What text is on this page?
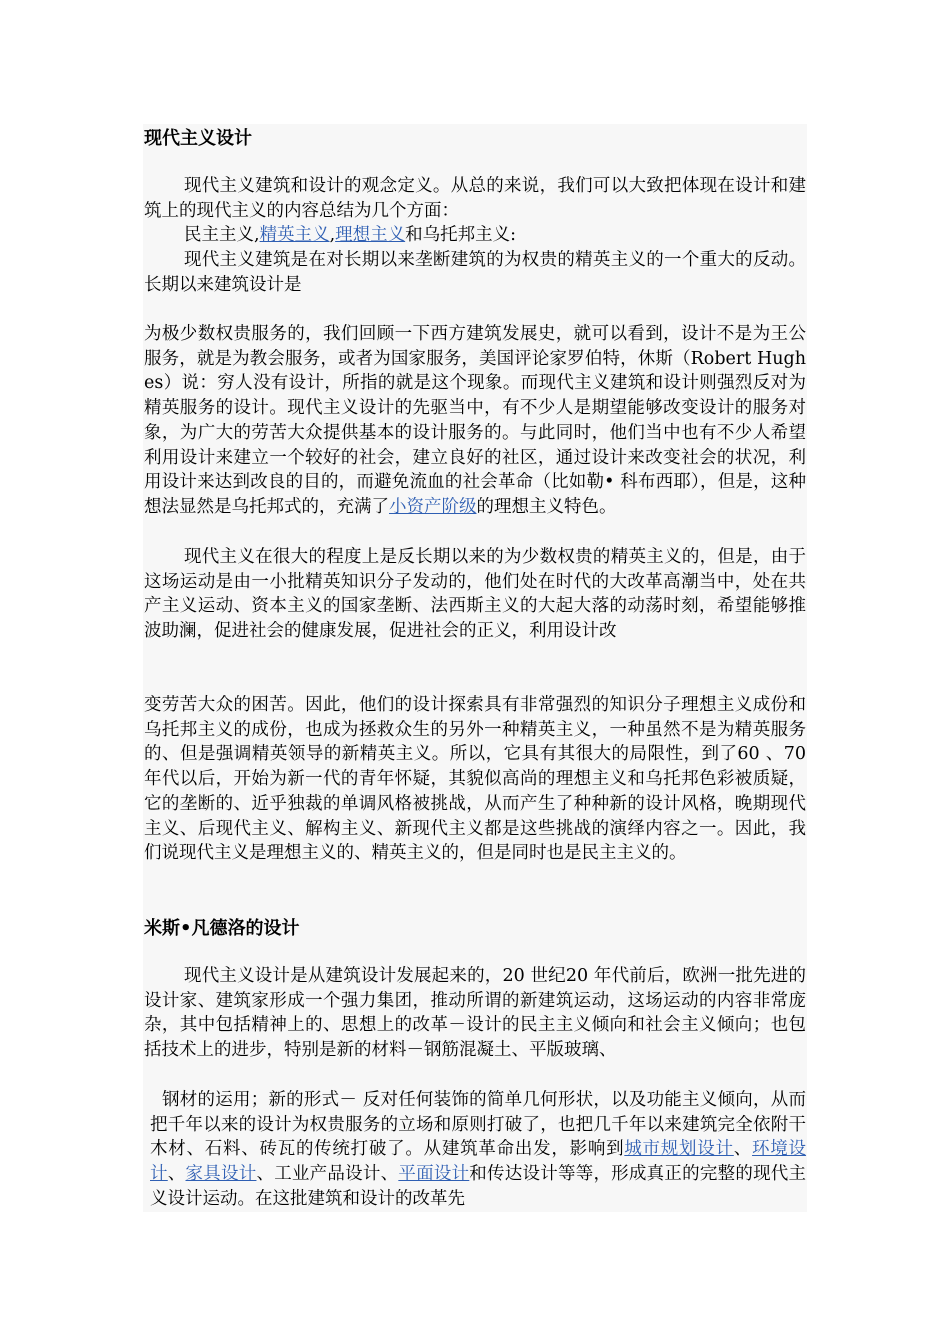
现代主义设计

现代主义建筑和设计的观念定义。从总的来说，我们可以大致把体现在设计和建筑上的现代主义的内容总结为几个方面：

民主主义,精英主义,理想主义和乌托邦主义:

现代主义建筑是在对长期以来垄断建筑的为权贵的精英主义的一个重大的反动。长期以来建筑设计是

为极少数权贵服务的，我们回顾一下西方建筑发展史，就可以看到，设计不是为王公服务，就是为教会服务，或者为国家服务，美国评论家罗伯特，休斯（Robert Hughes）说：穷人没有设计，所指的就是这个现象。而现代主义建筑和设计则强烈反对为精英服务的设计。现代主义设计的先驱当中，有不少人是期望能够改变设计的服务对象，为广大的劳苦大众提供基本的设计服务的。与此同时，他们当中也有不少人希望利用设计来建立一个较好的社会，建立良好的社区，通过设计来改变社会的状况，利用设计来达到改良的目的，而避免流血的社会革命（比如勒• 科布西耶），但是，这种想法显然是乌托邦式的，充满了小资产阶级的理想主义特色。

现代主义在很大的程度上是反长期以来的为少数权贵的精英主义的，但是，由于这场运动是由一小批精英知识分子发动的，他们处在时代的大改革高潮当中，处在共产主义运动、资本主义的国家垄断、法西斯主义的大起大落的动荡时刻，希望能够推波助澜，促进社会的健康发展，促进社会的正义，利用设计改

变劳苦大众的困苦。因此，他们的设计探索具有非常强烈的知识分子理想主义成份和乌托邦主义的成份，也成为拯救众生的另外一种精英主义，一种虽然不是为精英服务的、但是强调精英领导的新精英主义。所以，它具有其很大的局限性，到了60 、70 年代以后，开始为新一代的青年怀疑，其貌似高尚的理想主义和乌托邦色彩被质疑，它的垄断的、近乎独裁的单调风格被挑战，从而产生了种种新的设计风格，晚期现代主义、后现代主义、解构主义、新现代主义都是这些挑战的演绎内容之一。因此，我们说现代主义是理想主义的、精英主义的，但是同时也是民主主义的。

米斯•凡德洛的设计

现代主义设计是从建筑设计发展起来的，20 世纪20 年代前后，欧洲一批先进的设计家、建筑家形成一个强力集团，推动所谓的新建筑运动，这场运动的内容非常庞杂，其中包括精神上的、思想上的改革－设计的民主主义倾向和社会主义倾向；也包括技术上的进步，特别是新的材料－钢筋混凝土、平版玻璃、

钢材的运用；新的形式－ 反对任何装饰的简单几何形状，以及功能主义倾向，从而把千年以来的设计为权贵服务的立场和原则打破了，也把几千年以来建筑完全依附干木材、石料、砖瓦的传统打破了。从建筑革命出发，影响到城市规划设计、环境设计、家具设计、工业产品设计、平面设计和传达设计等等，形成真正的完整的现代主义设计运动。在这批建筑和设计的改革先
